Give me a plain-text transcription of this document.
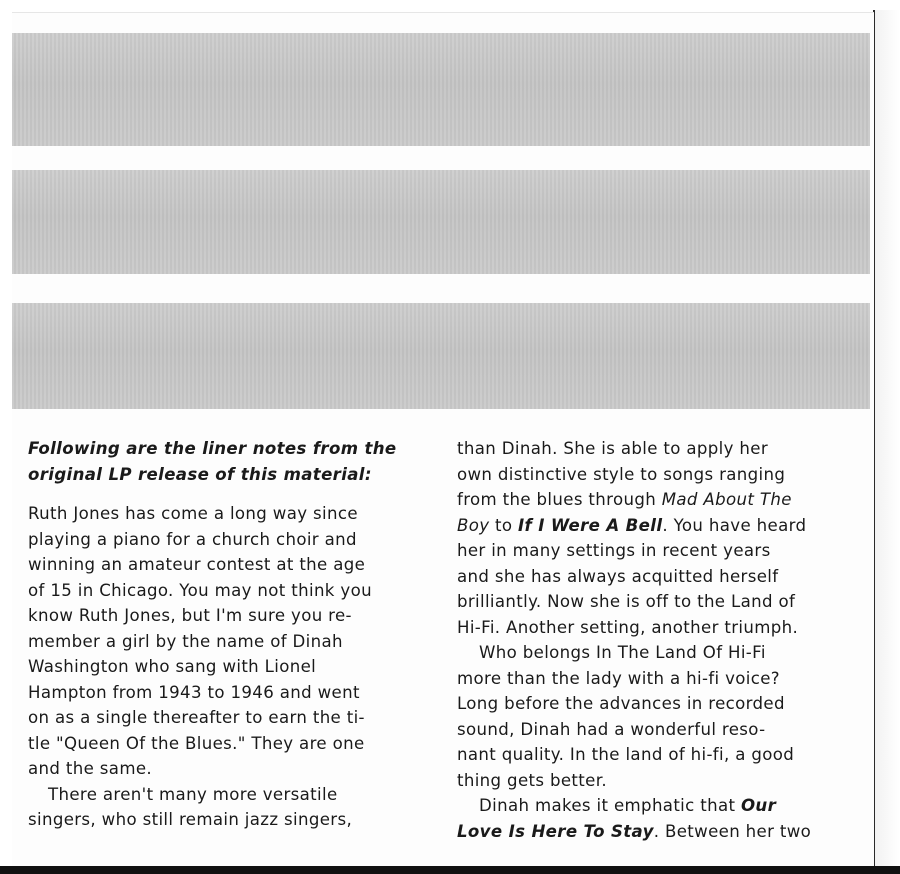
Following are the liner notes from the
original LP release of this material:
Ruth Jones has come a long way since
playing a piano for a church choir and
winning an amateur contest at the age
of 15 in Chicago. You may not think you
know Ruth Jones, but I'm sure you re-
member a girl by the name of Dinah
Washington who sang with Lionel
Hampton from 1943 to 1946 and went
on as a single thereafter to earn the ti-
tle "Queen Of the Blues." They are one
and the same.
There aren't many more versatile
singers, who still remain jazz singers,
than Dinah. She is able to apply her
own distinctive style to songs ranging
from the blues through Mad About The
Boy to If I Were A Bell. You have heard
her in many settings in recent years
and she has always acquitted herself
brilliantly. Now she is off to the Land of
Hi-Fi. Another setting, another triumph.
Who belongs In The Land Of Hi-Fi
more than the lady with a hi-fi voice?
Long before the advances in recorded
sound, Dinah had a wonderful reso-
nant quality. In the land of hi-fi, a good
thing gets better.
Dinah makes it emphatic that Our
Love Is Here To Stay. Between her two
